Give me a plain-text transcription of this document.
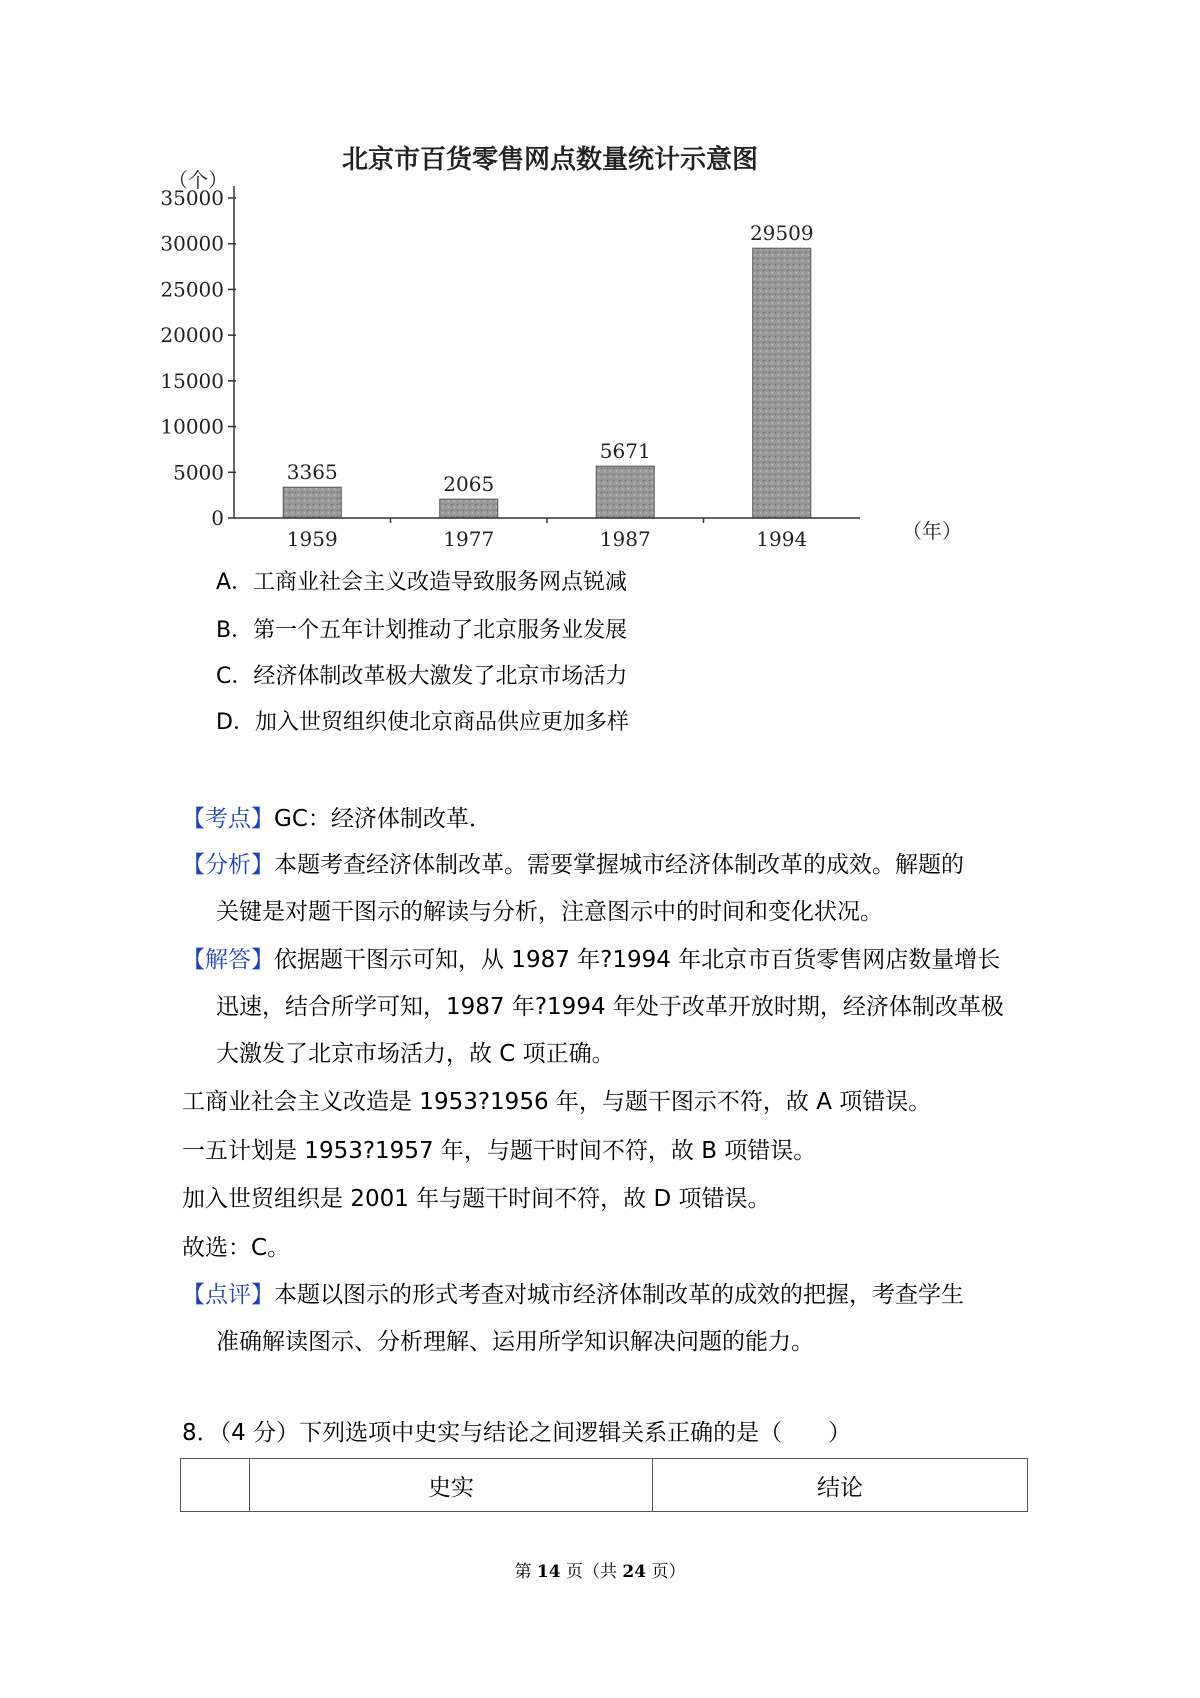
北京市百货零售网点数量统计示意图
（个）
0
5000
10000
15000
20000
25000
30000
35000
3365
1959
2065
1977
5671
1987
29509
1994	（年）
A．工商业社会主义改造导致服务网点锐减
B．第一个五年计划推动了北京服务业发展
C．经济体制改革极大激发了北京市场活力
D．加入世贸组织使北京商品供应更加多样
【考点】GC：经济体制改革．
【分析】本题考查经济体制改革。需要掌握城市经济体制改革的成效。解题的
关键是对题干图示的解读与分析，注意图示中的时间和变化状况。
【解答】依据题干图示可知，从 1987 年?1994 年北京市百货零售网店数量增长
迅速，结合所学可知，1987 年?1994 年处于改革开放时期，经济体制改革极
大激发了北京市场活力，故 C 项正确。
工商业社会主义改造是 1953?1956 年，与题干图示不符，故 A 项错误。
一五计划是 1953?1957 年，与题干时间不符，故 B 项错误。
加入世贸组织是 2001 年与题干时间不符，故 D 项错误。
故选：C。
【点评】本题以图示的形式考查对城市经济体制改革的成效的把握，考查学生
准确解读图示、分析理解、运用所学知识解决问题的能力。
8．（4 分）下列选项中史实与结论之间逻辑关系正确的是（　　）
	史实	结论
第 14 页（共 24 页）
